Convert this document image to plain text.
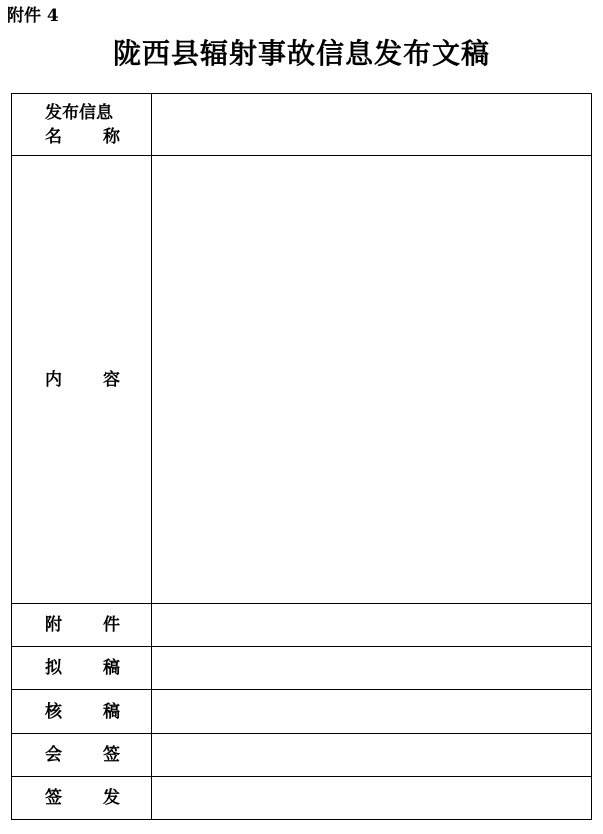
附件 4
陇西县辐射事故信息发布文稿
发布信息
名 称	

内 容	

附 件	

拟 稿	

核 稿	

会 签	

签 发	
